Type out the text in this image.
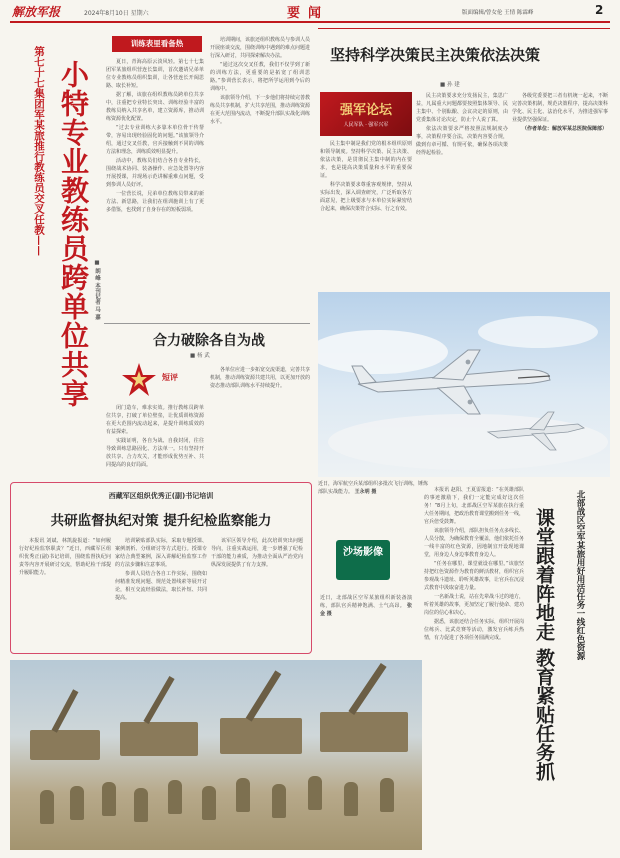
解放军报	2024年8月10日 星期六	要闻	版面编辑/曾女伦 王情 陈霖峰	2
训练表里看备热
第七十七集团军某旅推行教练员交叉任教—— 小特专业教练员跨单位共享 ■ 朗 峰 本刊记者 马 嘉

夏日，青海高原云淡风轻。第七十七集团军某旅组织营连长集训，首次邀请兄弟单位专业教练员组织集训，让各营连长开阔思路、取长补短。

据了解，该旅在组织教练员跨单位共享中，注重把专业特长突出、训练经验丰富的教练员纳入共享名单，建立资源库，推动训练资源优化配置。

“过去专业训练大多靠本单位骨干传帮带，容易出现经验固化的问题。”该旅领导介绍，通过交叉任教，官兵接触到不同的训练方法和理念，训练质效明显提升。

活动中，教练员们结合各自专业特长，围绕战术协同、装备操作、应急处置等内容开展授课，并现场示范讲解重难点问题，受到参训人员好评。

一位营长说，兄弟单位教练员带来的新方法、新思路，让我们在组训施训上有了更多借鉴，也找到了自身存在的短板弱项。

培训期间，该旅还组织教练员与参训人员开展座谈交流，围绕训练中遇到的难点问题进行深入研讨，共同探索解决办法。

“通过这次交叉任教，我们不仅学到了新的训练方法，更重要的是拓宽了组训思路。”参训营长表示，将把所学运用到今后的训练中。

该旅领导介绍，下一步他们将持续完善教练员共享机制，扩大共享范围，推动训练资源在更大范围内流动，不断提升部队实战化训练水平。

合力破除各自为战
■ 杨 武
短评

闭门造车，难求实效。推行教练员跨单位共享，打破了单位壁垒，让优质训练资源在更大范围内流动起来，是提升训练质效的有益探索。

实践证明，各自为战、自我封闭，往往导致训练思路固化、方法单一。只有坚持开放共享、合力攻关，才能形成优势互补、共同提高的良好局面。

各单位应进一步拓宽交流渠道，完善共享机制，推动训练资源共建共用，以更加开放的姿态推动部队训练水平持续提升。

坚持科学决策民主决策依法决策
■ 孙 建
强军论坛
人民军队 · 强军兴军

民主集中制是我们党的根本组织原则和领导制度。坚持科学决策、民主决策、依法决策，是贯彻民主集中制的内在要求，也是提高决策质量和水平的重要保证。

科学决策要求尊重客观规律，坚持从实际出发，深入调查研究，广泛听取各方面意见，把上级要求与本单位实际紧密结合起来，确保决策符合实际、行之有效。

民主决策要求充分发扬民主，集思广益，凡属重大问题都要按照集体领导、民主集中、个别酝酿、会议决定的原则，由党委集体讨论决定，防止个人说了算。

依法决策要求严格按照法规制度办事，决策程序要合法，决策内容要合规，做到有章可循、有规可依，确保各项决策经得起检验。

各级党委要把三者有机统一起来，不断完善决策机制，规范决策程序，提高决策科学化、民主化、法治化水平，为推进强军事业提供坚强保证。

（作者单位：解放军某总医院保障部）

近日，海军航空兵某部组织多批次飞行训练，锤炼部队实战能力。 王永明 摄
西藏军区组织优秀正(副)书记培训
共研监督执纪对策 提升纪检监察能力

本报讯 刘斌、林凯旋报道：“如何履行好纪检监察职责？”近日，西藏军区组织优秀正(副)书记培训，围绕监督执纪问责等内容开展研讨交流，帮助纪检干部提升履职能力。

培训紧贴部队实际，采取专题授课、案例剖析、分组研讨等方式进行。授课专家结合典型案例，深入讲解纪检监察工作的方法步骤和注意事项。

参训人员结合各自工作实际，围绕如何精准发现问题、规范处置线索等展开讨论，相互交流经验做法，取长补短、共同提高。

该军区领导介绍，此次培训突出问题导向，注重实战运用，进一步增强了纪检干部的能力素质，为推动全面从严治党向纵深发展提供了有力支撑。

沙场影像
近日，北部战区空军某旅组织新装备演练，部队官兵精神饱满、士气高昂。 张 金 摄	北部战区空军某旅用好用活任务一线红色资源
课堂跟着阵地走 教育紧贴任务抓

本报讯 赵阳、王夏雷报道：“在英雄部队的事迹激励下，我们一定能完成好这次任务！”8月上旬，北部战区空军某旅在执行重大任务期间，把政治教育课堂搬到任务一线，官兵倍受鼓舞。

该旅领导介绍，部队担负任务点多线长、人员分散，为确保教育全覆盖，他们依托任务一线丰富的红色资源，因地制宜开设现地课堂，用身边人身边事教育身边人。

“任务在哪里，课堂就设在哪里。”该旅坚持把红色资源作为教育的鲜活教材，组织官兵参观战斗遗址、聆听英雄故事，让官兵在沉浸式教育中汲取奋进力量。

一名新战士说，站在先辈战斗过的地方，听着英雄的故事，更加坚定了履行使命、建功岗位的信心和决心。

据悉，该旅还结合任务实际，组织开展岗位练兵、比武竞赛等活动，激发官兵练兵热情，有力促进了各项任务圆满完成。
